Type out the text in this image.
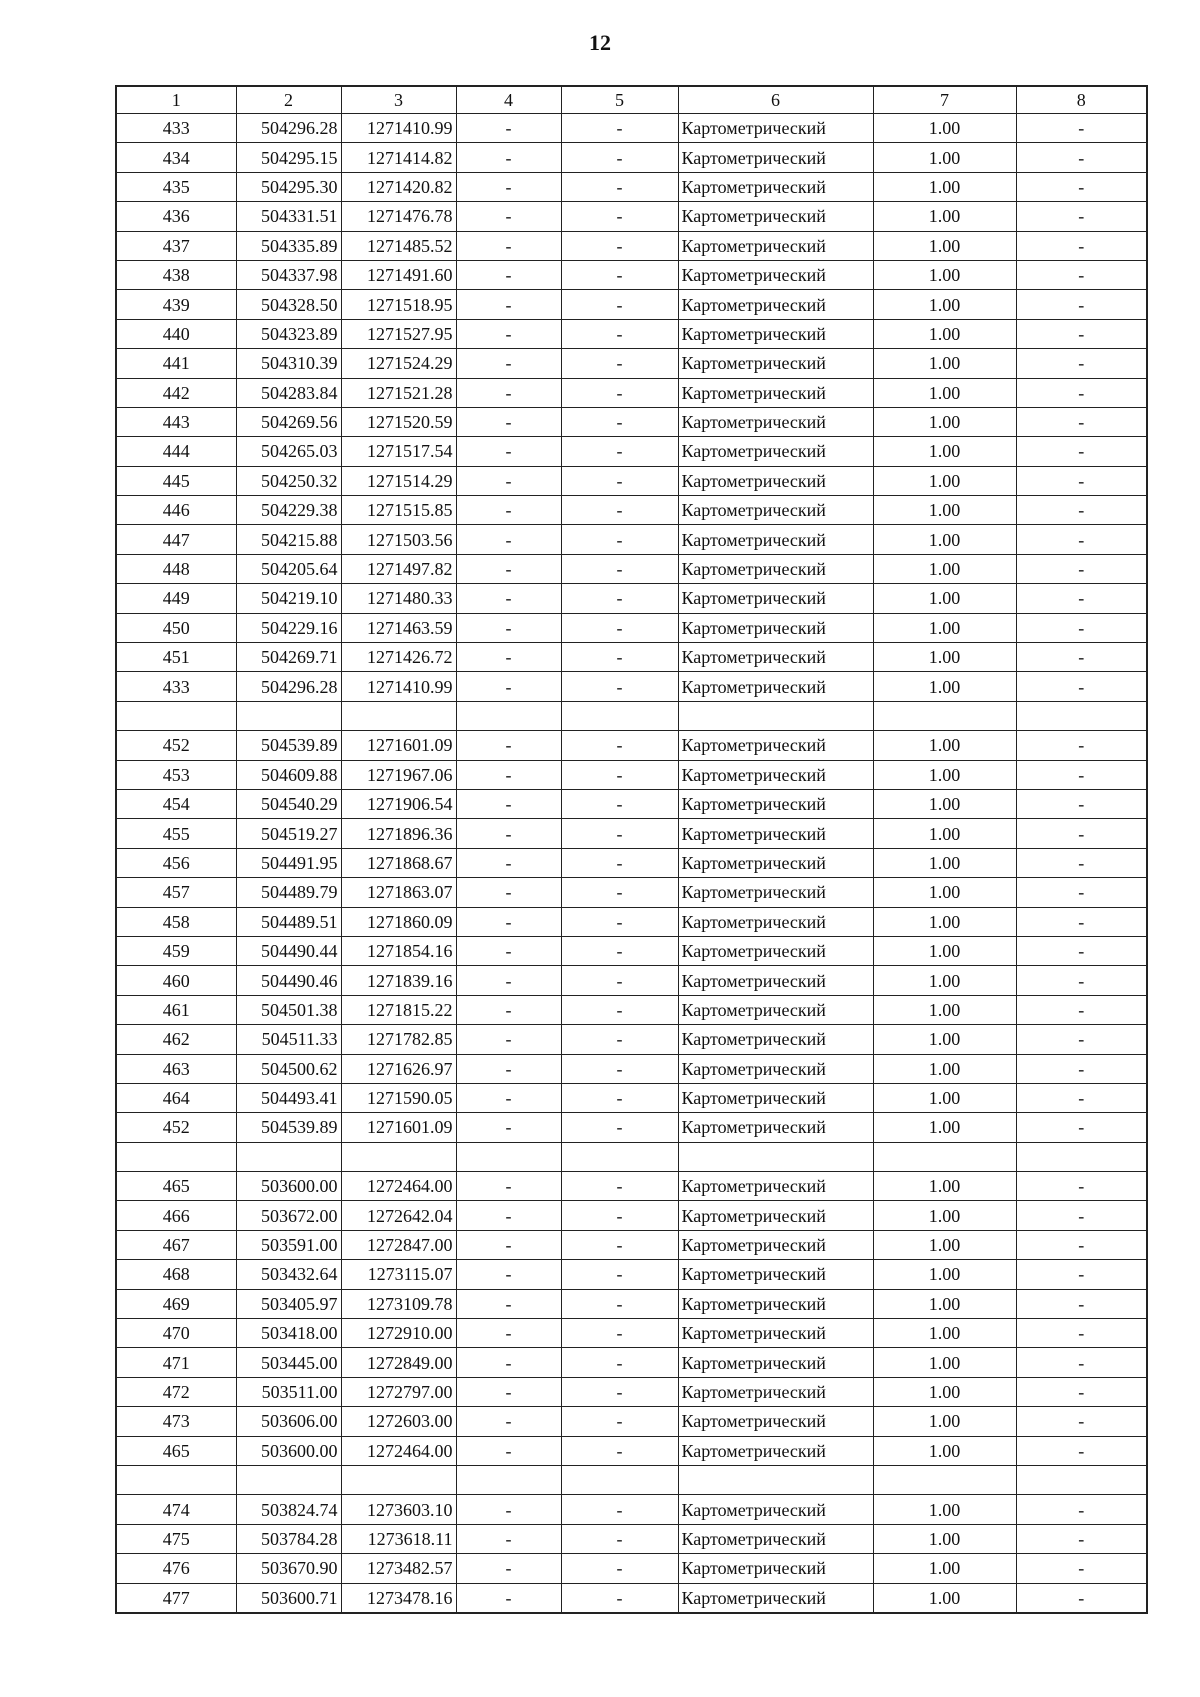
12
1	2	3	4	5	6	7	8
433	504296.28	1271410.99	-	-	Картометрический	1.00	-
434	504295.15	1271414.82	-	-	Картометрический	1.00	-
435	504295.30	1271420.82	-	-	Картометрический	1.00	-
436	504331.51	1271476.78	-	-	Картометрический	1.00	-
437	504335.89	1271485.52	-	-	Картометрический	1.00	-
438	504337.98	1271491.60	-	-	Картометрический	1.00	-
439	504328.50	1271518.95	-	-	Картометрический	1.00	-
440	504323.89	1271527.95	-	-	Картометрический	1.00	-
441	504310.39	1271524.29	-	-	Картометрический	1.00	-
442	504283.84	1271521.28	-	-	Картометрический	1.00	-
443	504269.56	1271520.59	-	-	Картометрический	1.00	-
444	504265.03	1271517.54	-	-	Картометрический	1.00	-
445	504250.32	1271514.29	-	-	Картометрический	1.00	-
446	504229.38	1271515.85	-	-	Картометрический	1.00	-
447	504215.88	1271503.56	-	-	Картометрический	1.00	-
448	504205.64	1271497.82	-	-	Картометрический	1.00	-
449	504219.10	1271480.33	-	-	Картометрический	1.00	-
450	504229.16	1271463.59	-	-	Картометрический	1.00	-
451	504269.71	1271426.72	-	-	Картометрический	1.00	-
433	504296.28	1271410.99	-	-	Картометрический	1.00	-

452	504539.89	1271601.09	-	-	Картометрический	1.00	-
453	504609.88	1271967.06	-	-	Картометрический	1.00	-
454	504540.29	1271906.54	-	-	Картометрический	1.00	-
455	504519.27	1271896.36	-	-	Картометрический	1.00	-
456	504491.95	1271868.67	-	-	Картометрический	1.00	-
457	504489.79	1271863.07	-	-	Картометрический	1.00	-
458	504489.51	1271860.09	-	-	Картометрический	1.00	-
459	504490.44	1271854.16	-	-	Картометрический	1.00	-
460	504490.46	1271839.16	-	-	Картометрический	1.00	-
461	504501.38	1271815.22	-	-	Картометрический	1.00	-
462	504511.33	1271782.85	-	-	Картометрический	1.00	-
463	504500.62	1271626.97	-	-	Картометрический	1.00	-
464	504493.41	1271590.05	-	-	Картометрический	1.00	-
452	504539.89	1271601.09	-	-	Картометрический	1.00	-

465	503600.00	1272464.00	-	-	Картометрический	1.00	-
466	503672.00	1272642.04	-	-	Картометрический	1.00	-
467	503591.00	1272847.00	-	-	Картометрический	1.00	-
468	503432.64	1273115.07	-	-	Картометрический	1.00	-
469	503405.97	1273109.78	-	-	Картометрический	1.00	-
470	503418.00	1272910.00	-	-	Картометрический	1.00	-
471	503445.00	1272849.00	-	-	Картометрический	1.00	-
472	503511.00	1272797.00	-	-	Картометрический	1.00	-
473	503606.00	1272603.00	-	-	Картометрический	1.00	-
465	503600.00	1272464.00	-	-	Картометрический	1.00	-

474	503824.74	1273603.10	-	-	Картометрический	1.00	-
475	503784.28	1273618.11	-	-	Картометрический	1.00	-
476	503670.90	1273482.57	-	-	Картометрический	1.00	-
477	503600.71	1273478.16	-	-	Картометрический	1.00	-
